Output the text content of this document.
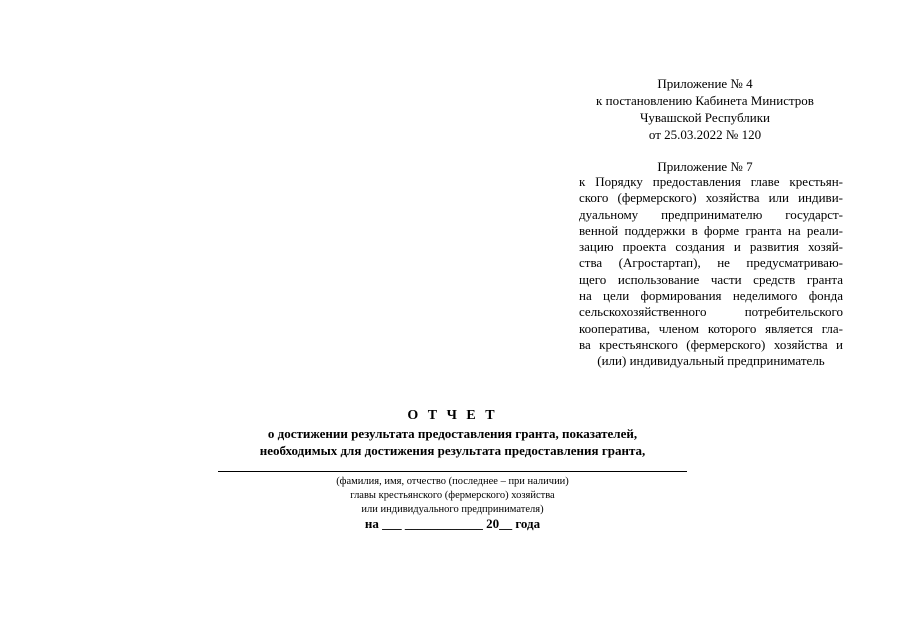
Приложение № 4
к постановлению Кабинета Министров
Чувашской Республики
от 25.03.2022 № 120
Приложение № 7
к Порядку предоставления главе крестьян-
ского (фермерского) хозяйства или индиви-
дуальному предпринимателю государст-
венной поддержки в форме гранта на реали-
зацию проекта создания и развития хозяй-
ства (Агростартап), не предусматриваю-
щего использование части средств гранта
на цели формирования неделимого фонда
сельскохозяйственного потребительского
кооператива, членом которого является гла-
ва крестьянского (фермерского) хозяйства и
(или) индивидуальный предприниматель
О Т Ч Е Т
о достижении результата предоставления гранта, показателей,
необходимых для достижения результата предоставления гранта,
(фамилия, имя, отчество (последнее – при наличии)
главы крестьянского (фермерского) хозяйства
или индивидуального предпринимателя)
на ___ ____________ 20__ года
